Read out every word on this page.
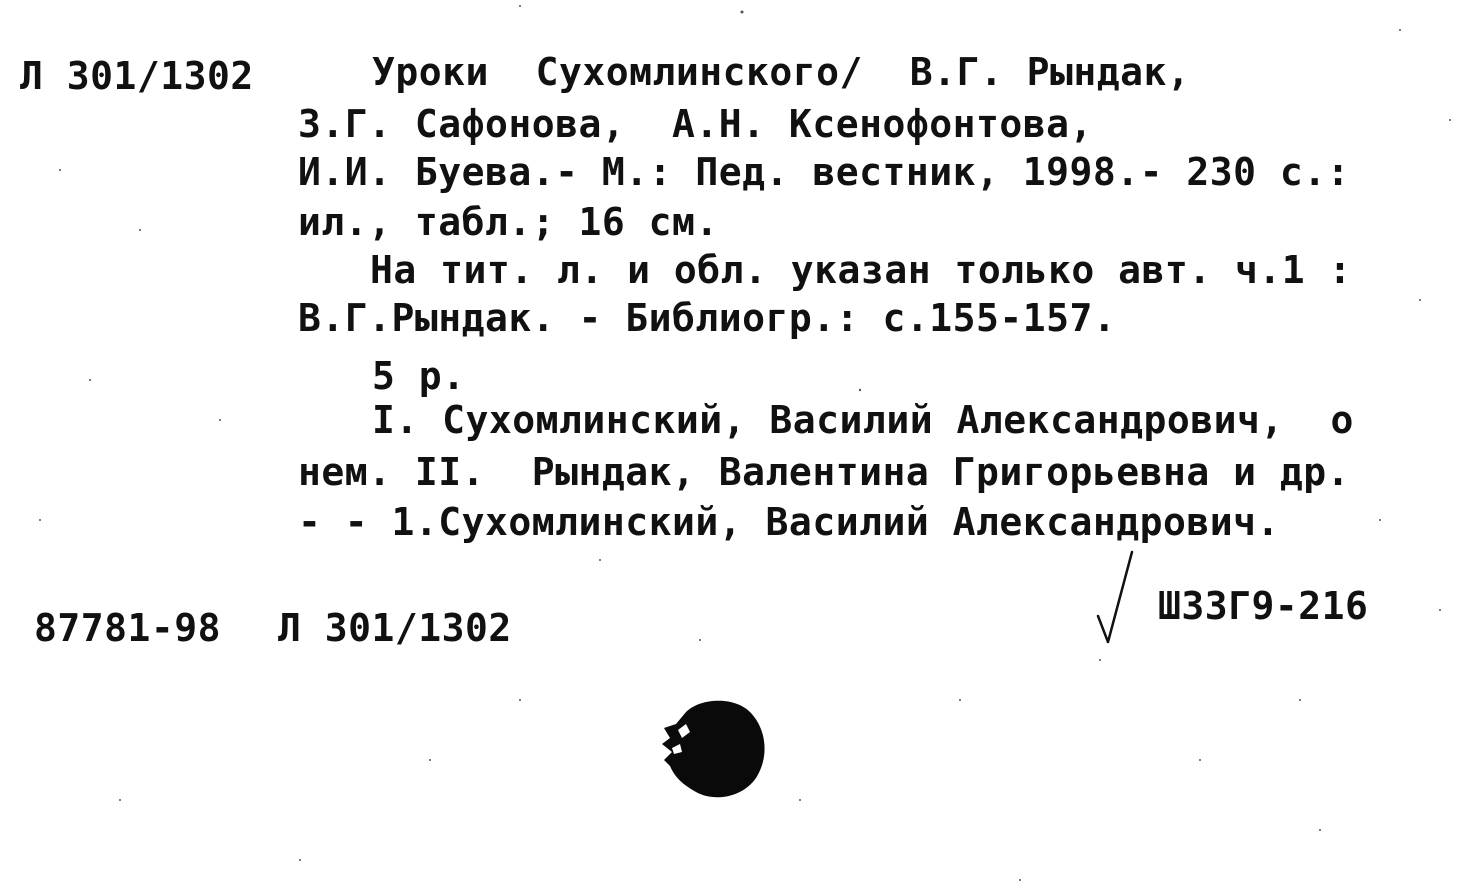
Л 301/1302	Уроки  Сухомлинского/  В.Г. Рындак,
З.Г. Сафонова,  А.Н. Ксенофонтова,
И.И. Буева.- М.: Пед. вестник, 1998.- 230 с.:
ил., табл.; 16 см.
На тит. л. и обл. указан только авт. ч.1 :
В.Г.Рындак. - Библиогр.: с.155-157.
5 р.
I. Сухомлинский, Василий Александрович,  о
нем. II.  Рындак, Валентина Григорьевна и др.
- - 1.Сухомлинский, Василий Александрович.
87781-98 Л 301/1302	Ш33Г9-216
